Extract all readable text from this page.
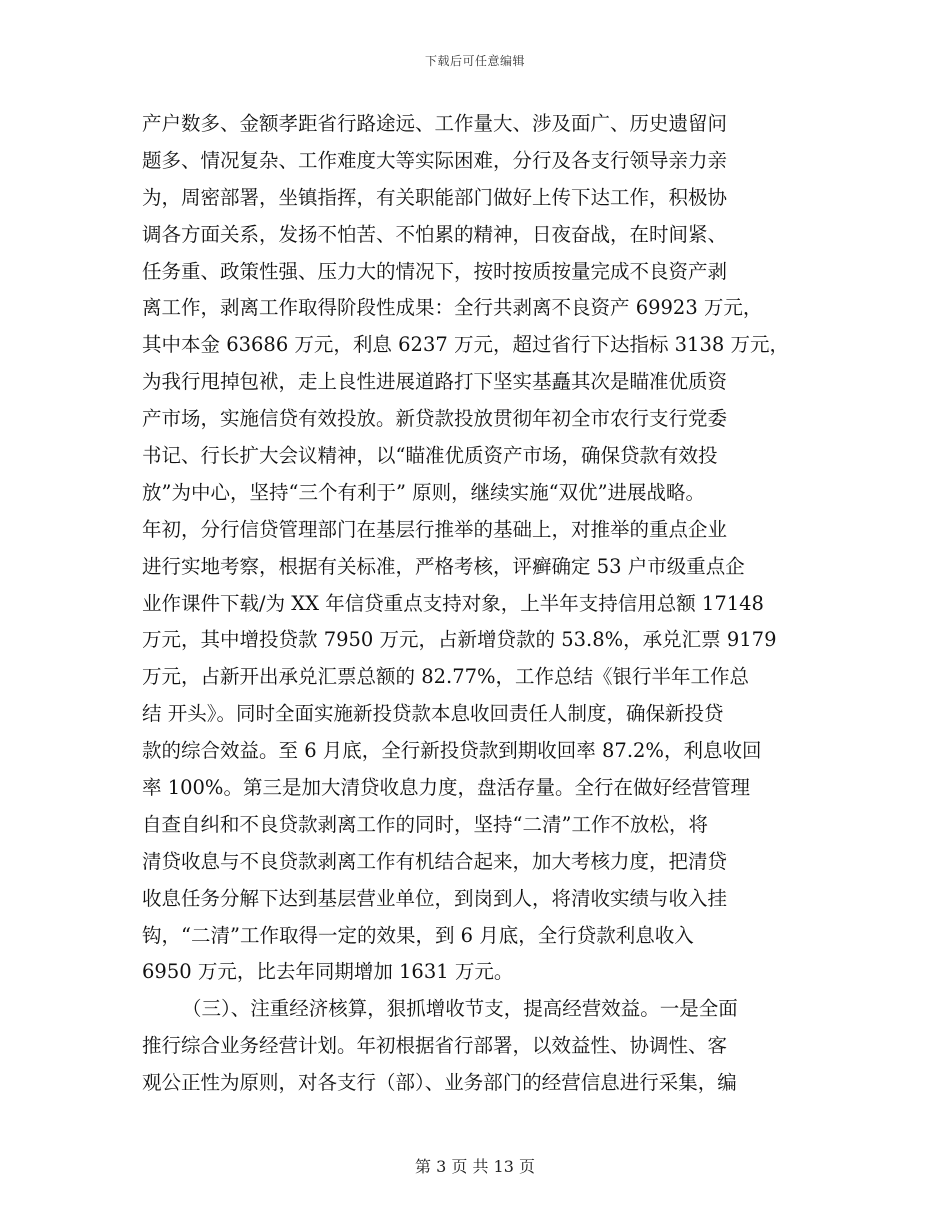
下载后可任意编辑
产户数多、金额孝距省行路途远、工作量大、涉及面广、历史遗留问
题多、情况复杂、工作难度大等实际困难，分行及各支行领导亲力亲
为，周密部署，坐镇指挥，有关职能部门做好上传下达工作，积极协
调各方面关系，发扬不怕苦、不怕累的精神，日夜奋战，在时间紧、
任务重、政策性强、压力大的情况下，按时按质按量完成不良资产剥
离工作，剥离工作取得阶段性成果：全行共剥离不良资产 69923 万元，
其中本金 63686 万元，利息 6237 万元，超过省行下达指标 3138 万元，
为我行甩掉包袱，走上良性进展道路打下坚实基矗其次是瞄准优质资
产市场，实施信贷有效投放。新贷款投放贯彻年初全市农行支行党委
书记、行长扩大会议精神，以“瞄准优质资产市场，确保贷款有效投
放”为中心，坚持“三个有利于” 原则，继续实施“双优”进展战略。
年初，分行信贷管理部门在基层行推举的基础上，对推举的重点企业
进行实地考察，根据有关标准，严格考核，评癣确定 53 户市级重点企
业作课件下载/为 XX 年信贷重点支持对象，上半年支持信用总额 17148
万元，其中增投贷款 7950 万元，占新增贷款的 53.8%，承兑汇票 9179
万元，占新开出承兑汇票总额的 82.77%，工作总结《银行半年工作总
结 开头》。同时全面实施新投贷款本息收回责任人制度，确保新投贷
款的综合效益。至 6 月底，全行新投贷款到期收回率 87.2%，利息收回
率 100%。第三是加大清贷收息力度，盘活存量。全行在做好经营管理
自查自纠和不良贷款剥离工作的同时，坚持“二清”工作不放松，将
清贷收息与不良贷款剥离工作有机结合起来，加大考核力度，把清贷
收息任务分解下达到基层营业单位，到岗到人，将清收实绩与收入挂
钩，“二清”工作取得一定的效果，到 6 月底，全行贷款利息收入
6950 万元，比去年同期增加 1631 万元。
（三）、注重经济核算，狠抓增收节支，提高经营效益。一是全面
推行综合业务经营计划。年初根据省行部署，以效益性、协调性、客
观公正性为原则，对各支行（部）、业务部门的经营信息进行采集，编
第 3 页 共 13 页
